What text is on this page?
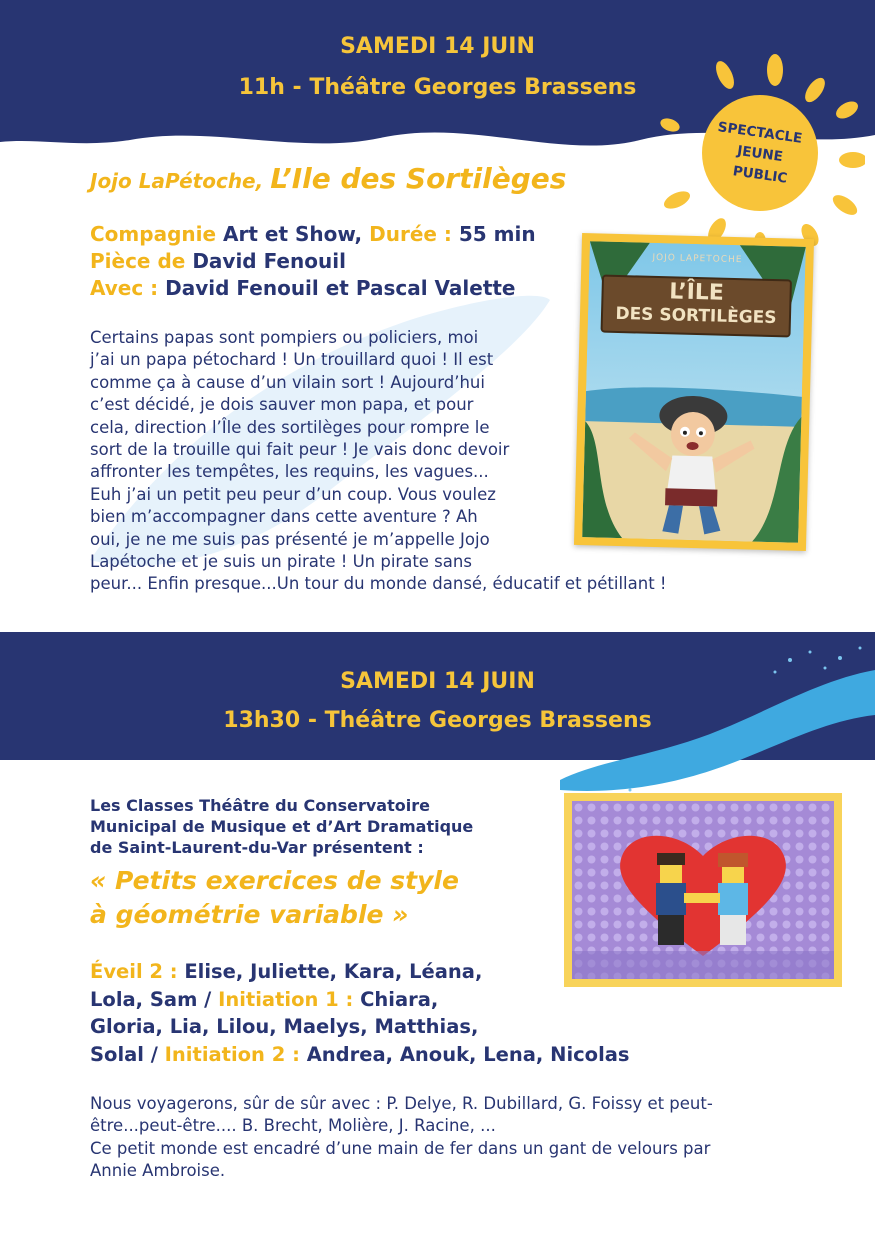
SAMEDI 14 JUIN
11h - Théâtre Georges Brassens
SPECTACLE
JEUNE
PUBLIC
Jojo LaPétoche, L’Ile des Sortilèges
Compagnie Art et Show, Durée : 55 min
Pièce de David Fenouil
Avec : David Fenouil et Pascal Valette
Certains papas sont pompiers ou policiers, moi
j’ai un papa pétochard ! Un trouillard quoi ! Il est
comme ça à cause d’un vilain sort ! Aujourd’hui
c’est décidé, je dois sauver mon papa, et pour
cela, direction l’Île des sortilèges pour rompre le
sort de la trouille qui fait peur ! Je vais donc devoir
affronter les tempêtes, les requins, les vagues...
Euh j’ai un petit peu peur d’un coup. Vous voulez
bien m’accompagner dans cette aventure ? Ah
oui, je ne me suis pas présenté je m’appelle Jojo
Lapétoche et je suis un pirate ! Un pirate sans
peur... Enfin presque...Un tour du monde dansé, éducatif et pétillant !
JOJO LAPETOCHE
L’ÎLE
DES SORTILÈGES
SAMEDI 14 JUIN
13h30 - Théâtre Georges Brassens
Les Classes Théâtre du Conservatoire
Municipal de Musique et d’Art Dramatique
de Saint-Laurent-du-Var présentent :
« Petits exercices de style
à géométrie variable »
Éveil 2 : Elise, Juliette, Kara, Léana,
Lola, Sam / Initiation 1 : Chiara,
Gloria, Lia, Lilou, Maelys, Matthias,
Solal / Initiation 2 : Andrea, Anouk, Lena, Nicolas
Nous voyagerons, sûr de sûr avec : P. Delye, R. Dubillard, G. Foissy et peut-
être...peut-être.... B. Brecht, Molière, J. Racine, ...
Ce petit monde est encadré d’une main de fer dans un gant de velours par
Annie Ambroise.
